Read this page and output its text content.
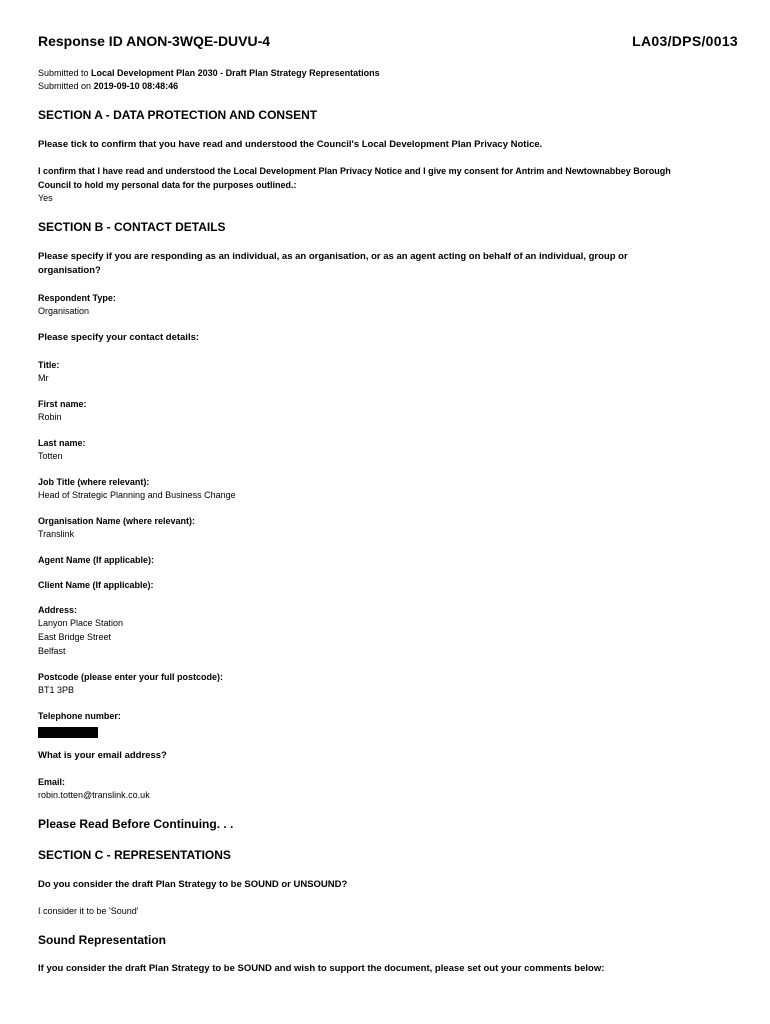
Response ID ANON-3WQE-DUVU-4	LA03/DPS/0013
Submitted to Local Development Plan 2030 - Draft Plan Strategy Representations
Submitted on 2019-09-10 08:48:46
SECTION A - DATA PROTECTION AND CONSENT
Please tick to confirm that you have read and understood the Council's Local Development Plan Privacy Notice.
I confirm that I have read and understood the Local Development Plan Privacy Notice and I give my consent for Antrim and Newtownabbey Borough
Council to hold my personal data for the purposes outlined.:
Yes
SECTION B - CONTACT DETAILS
Please specify if you are responding as an individual, as an organisation, or as an agent acting on behalf of an individual, group or
organisation?
Respondent Type:
Organisation
Please specify your contact details:
Title:
Mr
First name:
Robin
Last name:
Totten
Job Title (where relevant):
Head of Strategic Planning and Business Change
Organisation Name (where relevant):
Translink
Agent Name (If applicable):
Client Name (If applicable):
Address:
Lanyon Place Station
East Bridge Street
Belfast
Postcode (please enter your full postcode):
BT1 3PB
Telephone number:
What is your email address?
Email:
robin.totten@translink.co.uk
Please Read Before Continuing. . .
SECTION C - REPRESENTATIONS
Do you consider the draft Plan Strategy to be SOUND or UNSOUND?
I consider it to be 'Sound'
Sound Representation
If you consider the draft Plan Strategy to be SOUND and wish to support the document, please set out your comments below:
